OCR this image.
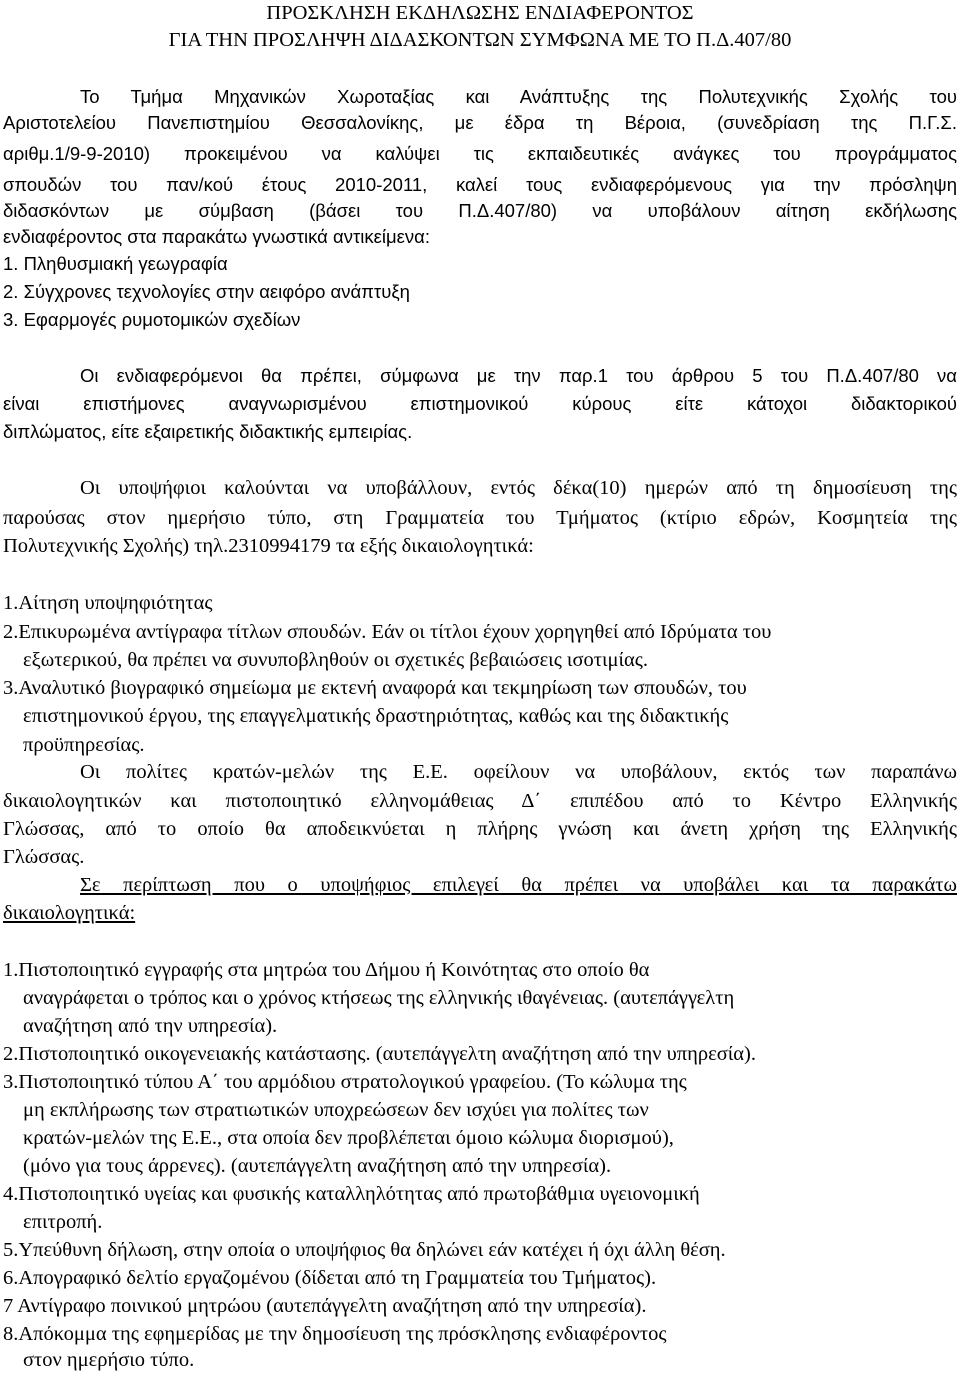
ΠΡΟΣΚΛΗΣΗ ΕΚΔΗΛΩΣΗΣ ΕΝΔΙΑΦΕΡΟΝΤΟΣ
ΓΙΑ ΤΗΝ ΠΡΟΣΛΗΨΗ ΔΙΔΑΣΚΟΝΤΩΝ ΣΥΜΦΩΝΑ ΜΕ ΤΟ Π.Δ.407/80
Το Τμήμα Μηχανικών Χωροταξίας και Ανάπτυξης της Πολυτεχνικής Σχολής του
Αριστοτελείου Πανεπιστημίου Θεσσαλονίκης, με έδρα τη Βέροια, (συνεδρίαση της Π.Γ.Σ.
αριθμ.1/9-9-2010) προκειμένου να καλύψει τις εκπαιδευτικές ανάγκες του προγράμματος
σπουδών του παν/κού έτους 2010-2011, καλεί τους ενδιαφερόμενους για την πρόσληψη
διδασκόντων με σύμβαση (βάσει του Π.Δ.407/80) να υποβάλουν αίτηση εκδήλωσης
ενδιαφέροντος στα παρακάτω γνωστικά αντικείμενα:
1. Πληθυσμιακή γεωγραφία
2. Σύγχρονες τεχνολογίες στην αειφόρο ανάπτυξη
3. Εφαρμογές ρυμοτομικών σχεδίων
Οι ενδιαφερόμενοι θα πρέπει, σύμφωνα με την παρ.1 του άρθρου 5 του Π.Δ.407/80 να
είναι επιστήμονες αναγνωρισμένου επιστημονικού κύρους είτε κάτοχοι διδακτορικού
διπλώματος, είτε εξαιρετικής διδακτικής εμπειρίας.
Οι υποψήφιοι καλούνται να υποβάλλουν, εντός δέκα(10) ημερών από τη δημοσίευση της
παρούσας στον ημερήσιο τύπο, στη Γραμματεία του Τμήματος (κτίριο εδρών, Κοσμητεία της
Πολυτεχνικής Σχολής) τηλ.2310994179 τα εξής δικαιολογητικά:
1.Αίτηση υποψηφιότητας
2.Επικυρωμένα αντίγραφα τίτλων σπουδών. Εάν οι τίτλοι έχουν χορηγηθεί από Ιδρύματα του
εξωτερικού, θα πρέπει να συνυποβληθούν οι σχετικές βεβαιώσεις ισοτιμίας.
3.Αναλυτικό βιογραφικό σημείωμα με εκτενή αναφορά και τεκμηρίωση των σπουδών, του
επιστημονικού έργου, της επαγγελματικής δραστηριότητας, καθώς και της διδακτικής
προϋπηρεσίας.
Οι πολίτες κρατών-μελών της Ε.Ε. οφείλουν να υποβάλουν, εκτός των παραπάνω
δικαιολογητικών και πιστοποιητικό ελληνομάθειας Δ΄ επιπέδου από το Κέντρο Ελληνικής
Γλώσσας, από το οποίο θα αποδεικνύεται η πλήρης γνώση και άνετη χρήση της Ελληνικής
Γλώσσας.
Σε περίπτωση που ο υποψήφιος επιλεγεί θα πρέπει να υποβάλει και τα παρακάτω
δικαιολογητικά:
1.Πιστοποιητικό εγγραφής στα μητρώα του Δήμου ή Κοινότητας στο οποίο θα
αναγράφεται ο τρόπος και ο χρόνος κτήσεως της ελληνικής ιθαγένειας. (αυτεπάγγελτη
αναζήτηση από την υπηρεσία).
2.Πιστοποιητικό οικογενειακής κατάστασης. (αυτεπάγγελτη αναζήτηση από την υπηρεσία).
3.Πιστοποιητικό τύπου Α΄ του αρμόδιου στρατολογικού γραφείου. (Το κώλυμα της
μη εκπλήρωσης των στρατιωτικών υποχρεώσεων δεν ισχύει για πολίτες των
κρατών-μελών της Ε.Ε., στα οποία δεν προβλέπεται όμοιο κώλυμα διορισμού),
(μόνο για τους άρρενες). (αυτεπάγγελτη αναζήτηση από την υπηρεσία).
4.Πιστοποιητικό υγείας και φυσικής καταλληλότητας από πρωτοβάθμια υγειονομική
επιτροπή.
5.Υπεύθυνη δήλωση, στην οποία ο υποψήφιος θα δηλώνει εάν κατέχει ή όχι άλλη θέση.
6.Απογραφικό δελτίο εργαζομένου (δίδεται από τη Γραμματεία του Τμήματος).
7 Αντίγραφο ποινικού μητρώου (αυτεπάγγελτη αναζήτηση από την υπηρεσία).
8.Απόκομμα της εφημερίδας με την δημοσίευση της πρόσκλησης ενδιαφέροντος
στον ημερήσιο τύπο.
